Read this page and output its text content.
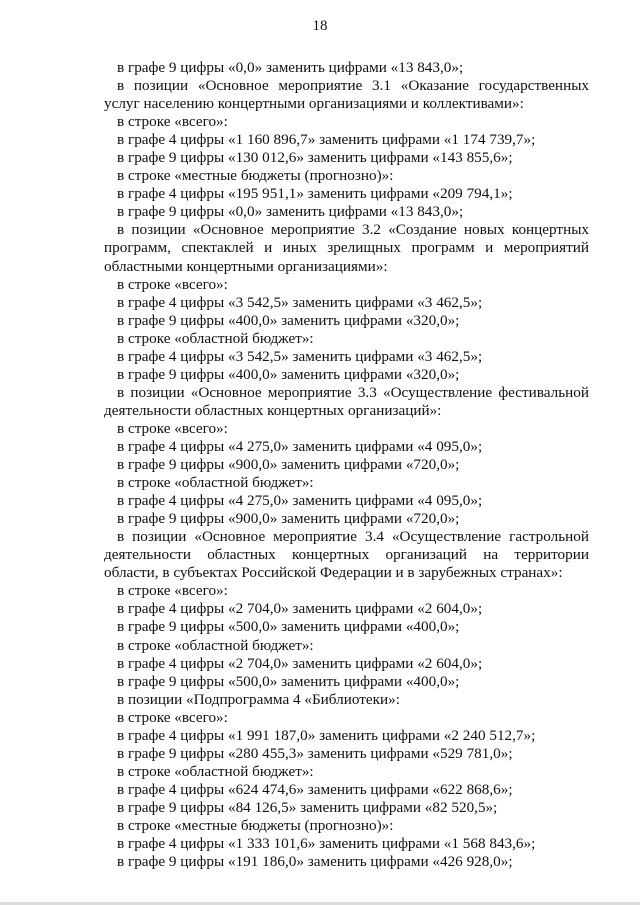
18
в графе 9 цифры «0,0» заменить цифрами «13 843,0»;
в позиции «Основное мероприятие 3.1 «Оказание государственных
услуг населению концертными организациями и коллективами»:
в строке «всего»:
в графе 4 цифры «1 160 896,7» заменить цифрами «1 174 739,7»;
в графе 9 цифры «130 012,6» заменить цифрами «143 855,6»;
в строке «местные бюджеты (прогнозно)»:
в графе 4 цифры «195 951,1» заменить цифрами «209 794,1»;
в графе 9 цифры «0,0» заменить цифрами «13 843,0»;
в позиции «Основное мероприятие 3.2 «Создание новых концертных
программ, спектаклей и иных зрелищных программ и мероприятий
областными концертными организациями»:
в строке «всего»:
в графе 4 цифры «3 542,5» заменить цифрами «3 462,5»;
в графе 9 цифры «400,0» заменить цифрами «320,0»;
в строке «областной бюджет»:
в графе 4 цифры «3 542,5» заменить цифрами «3 462,5»;
в графе 9 цифры «400,0» заменить цифрами «320,0»;
в позиции «Основное мероприятие 3.3 «Осуществление фестивальной
деятельности областных концертных организаций»:
в строке «всего»:
в графе 4 цифры «4 275,0» заменить цифрами «4 095,0»;
в графе 9 цифры «900,0» заменить цифрами «720,0»;
в строке «областной бюджет»:
в графе 4 цифры «4 275,0» заменить цифрами «4 095,0»;
в графе 9 цифры «900,0» заменить цифрами «720,0»;
в позиции «Основное мероприятие 3.4 «Осуществление гастрольной
деятельности областных концертных организаций на территории
области, в субъектах Российской Федерации и в зарубежных странах»:
в строке «всего»:
в графе 4 цифры «2 704,0» заменить цифрами «2 604,0»;
в графе 9 цифры «500,0» заменить цифрами «400,0»;
в строке «областной бюджет»:
в графе 4 цифры «2 704,0» заменить цифрами «2 604,0»;
в графе 9 цифры «500,0» заменить цифрами «400,0»;
в позиции «Подпрограмма 4 «Библиотеки»:
в строке «всего»:
в графе 4 цифры «1 991 187,0» заменить цифрами «2 240 512,7»;
в графе 9 цифры «280 455,3» заменить цифрами «529 781,0»;
в строке «областной бюджет»:
в графе 4 цифры «624 474,6» заменить цифрами «622 868,6»;
в графе 9 цифры «84 126,5» заменить цифрами «82 520,5»;
в строке «местные бюджеты (прогнозно)»:
в графе 4 цифры «1 333 101,6» заменить цифрами «1 568 843,6»;
в графе 9 цифры «191 186,0» заменить цифрами «426 928,0»;
